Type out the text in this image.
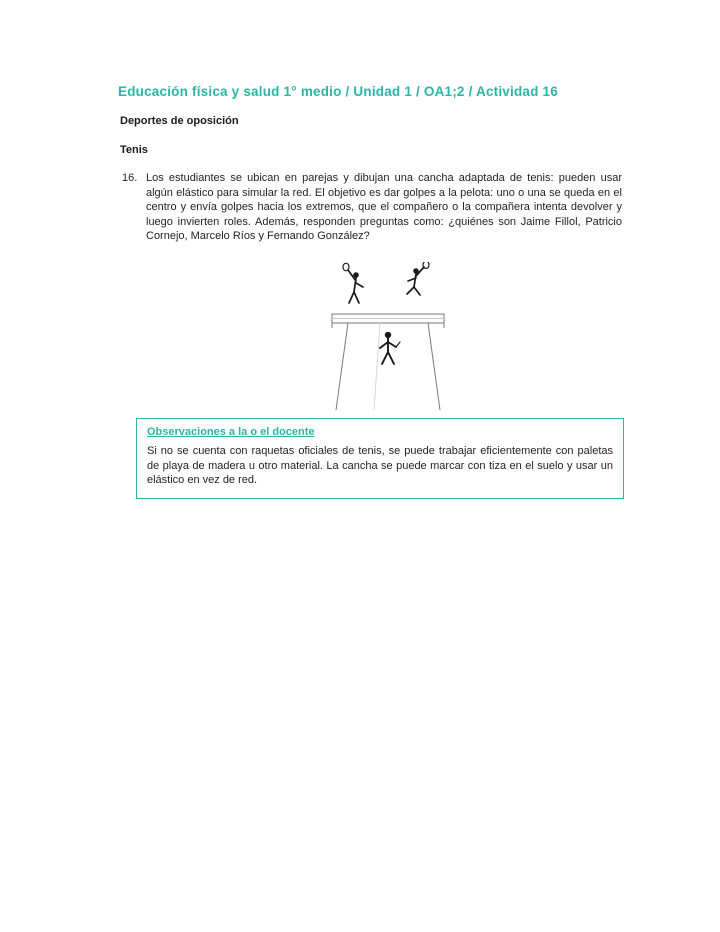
Educación física y salud 1° medio / Unidad 1 / OA1;2 / Actividad 16
Deportes de oposición
Tenis
16. Los estudiantes se ubican en parejas y dibujan una cancha adaptada de tenis: pueden usar algún elástico para simular la red. El objetivo es dar golpes a la pelota: uno o una se queda en el centro y envía golpes hacia los extremos, que el compañero o la compañera intenta devolver y luego invierten roles. Además, responden preguntas como: ¿quiénes son Jaime Fillol, Patricio Cornejo, Marcelo Ríos y Fernando González?
Observaciones a la o el docente
Si no se cuenta con raquetas oficiales de tenis, se puede trabajar eficientemente con paletas de playa de madera u otro material. La cancha se puede marcar con tiza en el suelo y usar un elástico en vez de red.
